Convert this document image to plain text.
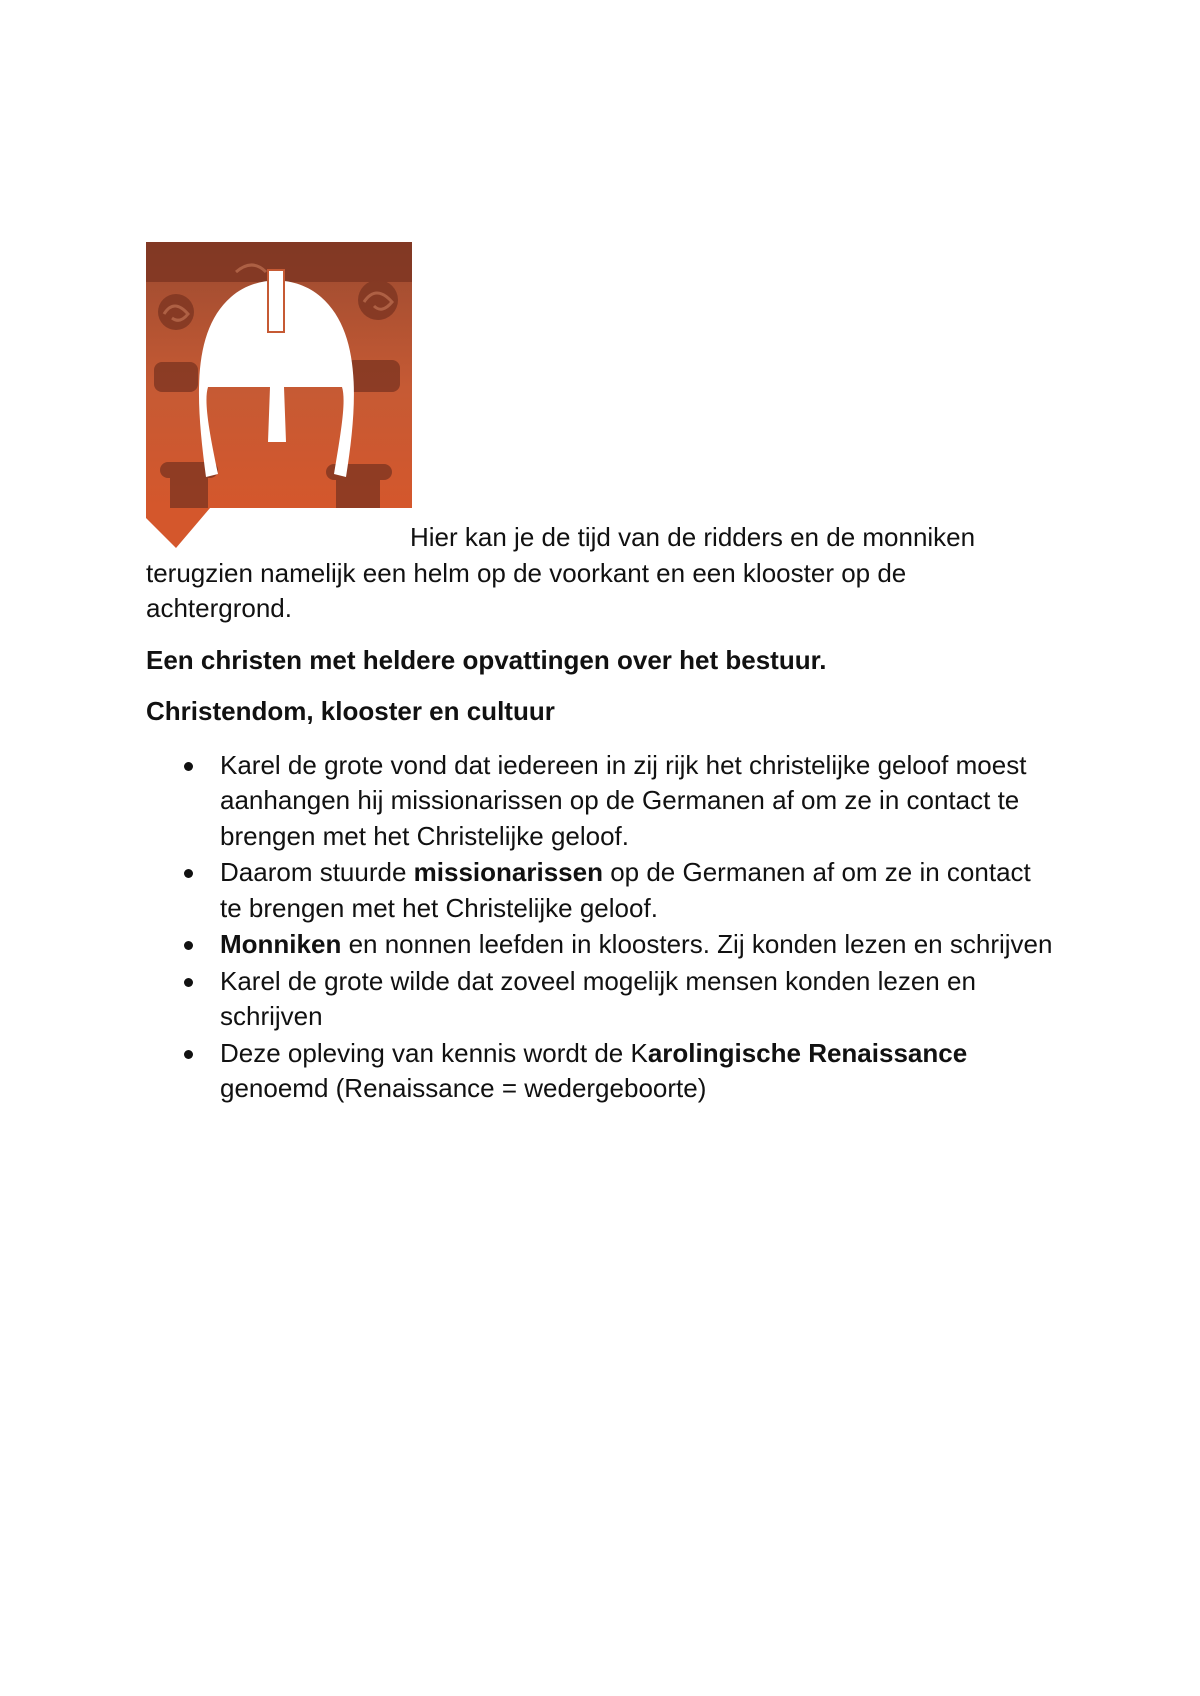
Hier kan je de tijd van de ridders en de monniken
terugzien namelijk een helm op de voorkant en een klooster op de achtergrond.

Een christen met heldere opvattingen over het bestuur.

Christendom, klooster en cultuur

Karel de grote vond dat iedereen in zij rijk het christelijke geloof moest aanhangen hij missionarissen op de Germanen af om ze in contact te brengen met het Christelijke geloof.
Daarom stuurde missionarissen op de Germanen af om ze in contact te brengen met het Christelijke geloof.
Monniken en nonnen leefden in kloosters. Zij konden lezen en schrijven
Karel de grote wilde dat zoveel mogelijk mensen konden lezen en schrijven
Deze opleving van kennis wordt de Karolingische Renaissance genoemd (Renaissance = wedergeboorte)
